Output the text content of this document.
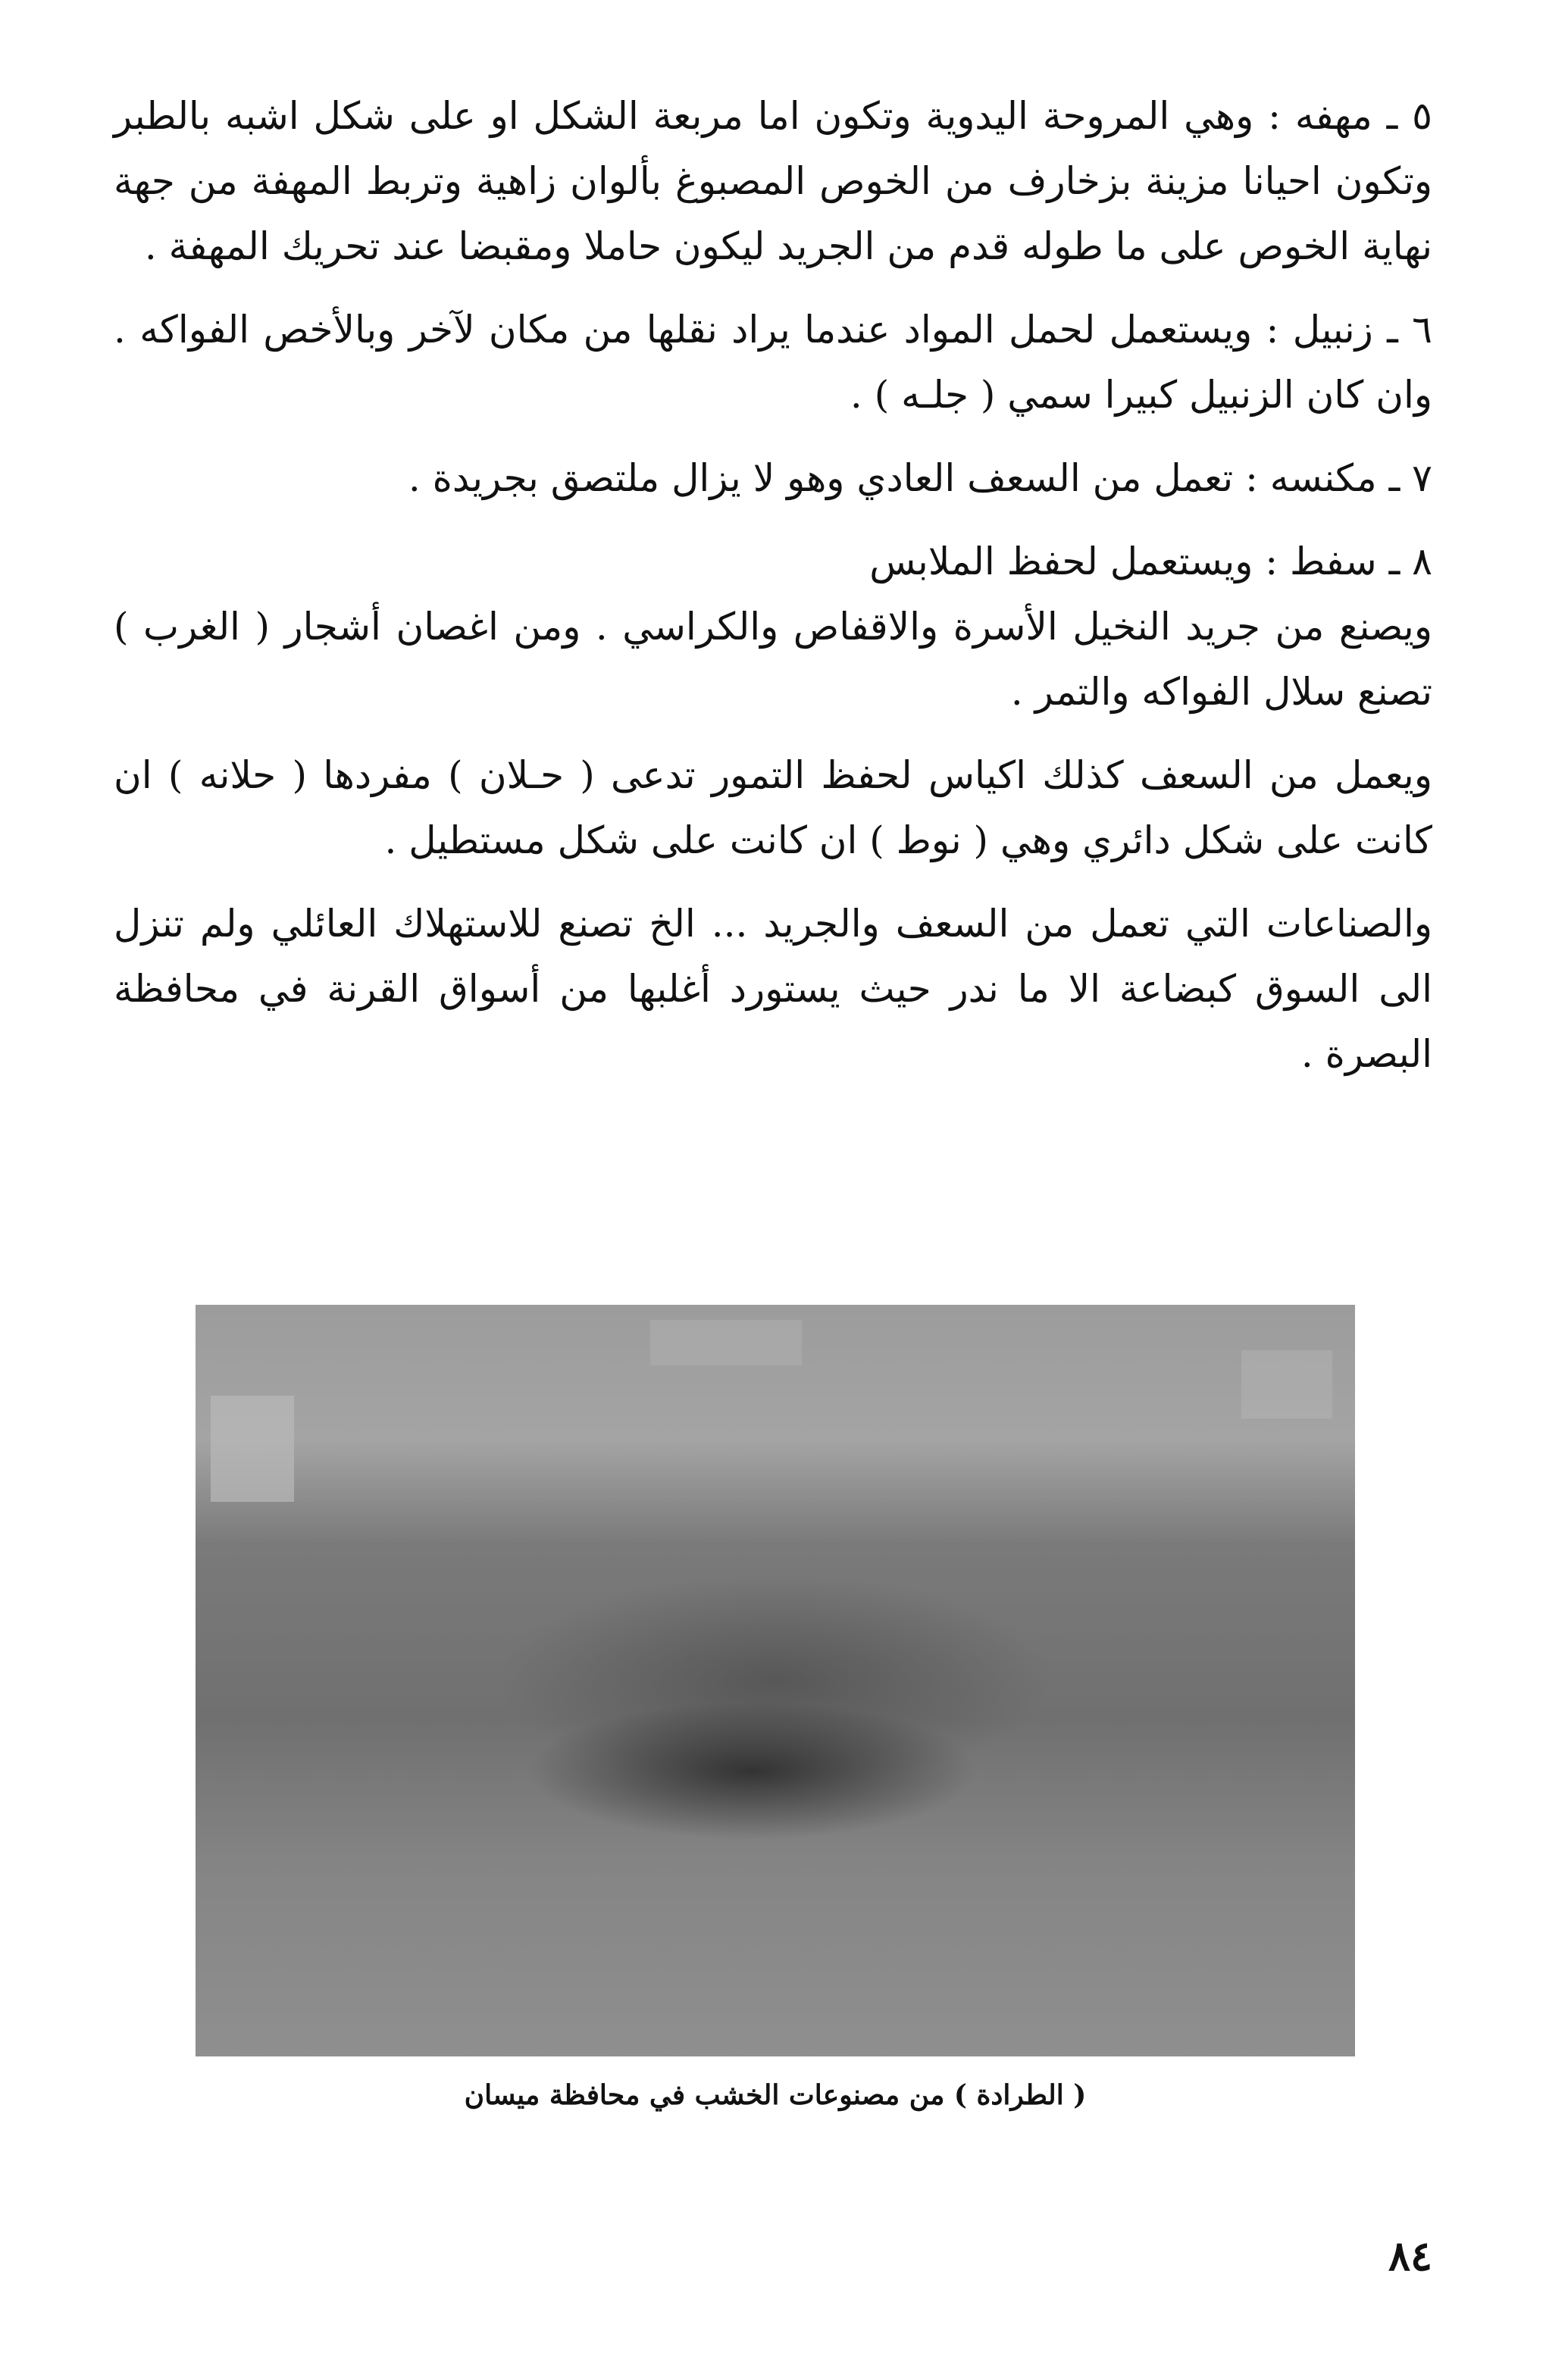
٥ ـ مهفه : وهي المروحة اليدوية وتكون اما مربعة الشكل او على شكل اشبه بالطبر وتكون احيانا مزينة بزخارف من الخوص المصبوغ بألوان زاهية وتربط المهفة من جهة نهاية الخوص على ما طوله قدم من الجريد ليكون حاملا ومقبضا عند تحريك المهفة .

٦ ـ زنبيل : ويستعمل لحمل المواد عندما يراد نقلها من مكان لآخر وبالأخص الفواكه . وان كان الزنبيل كبيرا سمي ( جلـه ) .

٧ ـ مكنسه : تعمل من السعف العادي وهو لا يزال ملتصق بجريدة .

٨ ـ سفط : ويستعمل لحفظ الملابس

ويصنع من جريد النخيل الأسرة والاقفاص والكراسي . ومن اغصان أشجار ( الغرب ) تصنع سلال الفواكه والتمر .

ويعمل من السعف كذلك اكياس لحفظ التمور تدعى ( حـلان ) مفردها ( حلانه ) ان كانت على شكل دائري وهي ( نوط ) ان كانت على شكل مستطيل .

والصناعات التي تعمل من السعف والجريد ... الخ تصنع للاستهلاك العائلي ولم تنزل الى السوق كبضاعة الا ما ندر حيث يستورد أغلبها من أسواق القرنة في محافظة البصرة .

( الطرادة ) من مصنوعات الخشب في محافظة ميسان
٨٤
